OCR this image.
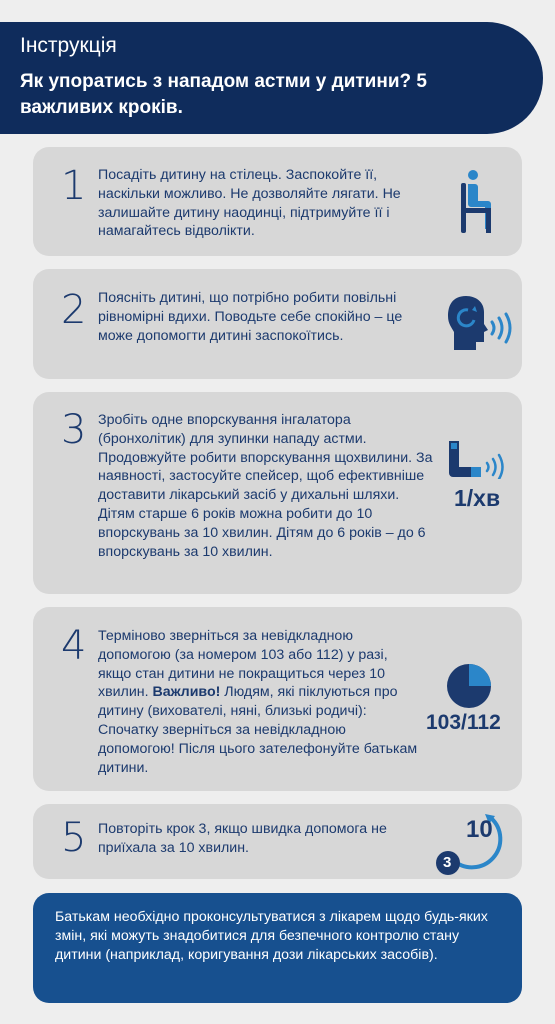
Інструкція
Як упоратись з нападом астми у дитини? 5 важливих кроків.
1 Посадіть дитину на стілець. Заспокойте її, наскільки можливо. Не дозволяйте лягати. Не залишайте дитину наодинці, підтримуйте її і намагайтесь відволікти.
2 Поясніть дитині, що потрібно робити повільні рівномірні вдихи. Поводьте себе спокійно – це може допомогти дитині заспокоїтись.
3 Зробіть одне впорскування інгалатора (бронхолітик) для зупинки нападу астми. Продовжуйте робити впорскування щохвилини. За наявності, застосуйте спейсер, щоб ефективніше доставити лікарський засіб у дихальні шляхи. Дітям старше 6 років можна робити до 10 впорскувань за 10 хвилин. Дітям до 6 років – до 6 впорскувань за 10 хвилин.
1/хв
4 Терміново зверніться за невідкладною допомогою (за номером 103 або 112) у разі, якщо стан дитини не покращиться через 10 хвилин. Важливо! Людям, які піклуються про дитину (вихователі, няні, близькі родичі): Спочатку зверніться за невідкладною допомогою! Після цього зателефонуйте батькам дитини.
103/112
5 Повторіть крок 3, якщо швидка допомога не приїхала за 10 хвилин.
10
3
Батькам необхідно проконсультуватися з лікарем щодо будь-яких змін, які можуть знадобитися для безпечного контролю стану дитини (наприклад, коригування дози лікарських засобів).
